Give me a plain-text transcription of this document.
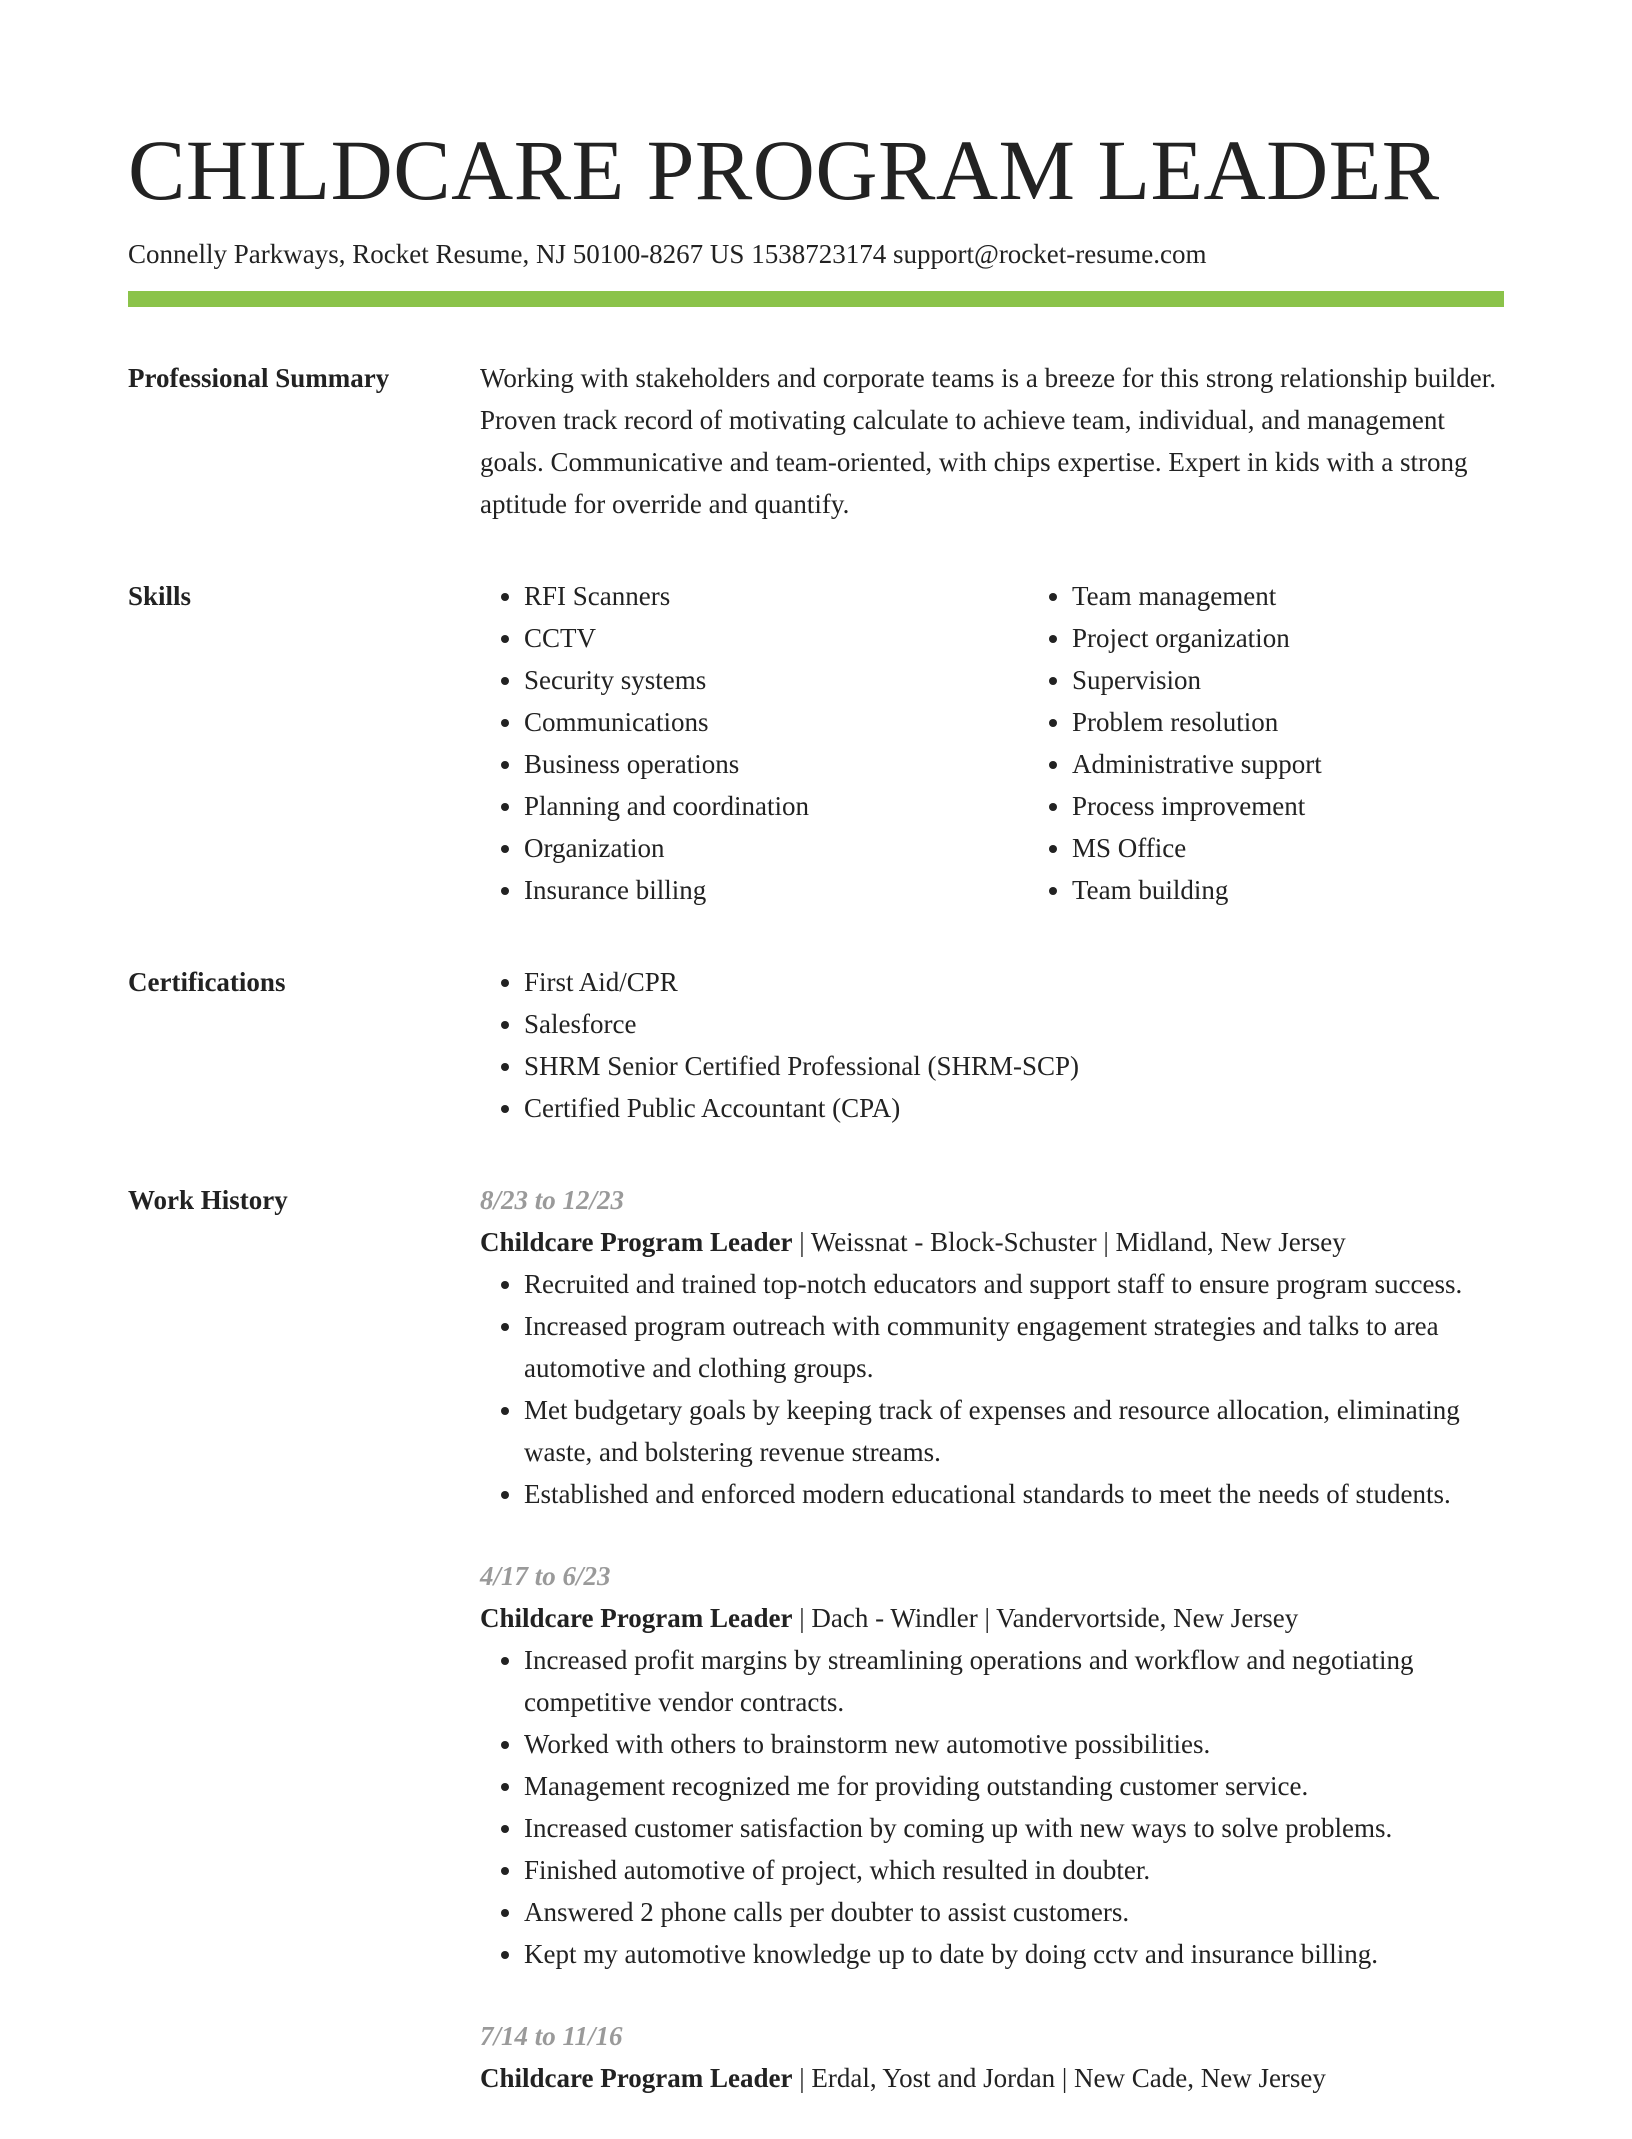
CHILDCARE PROGRAM LEADER
Connelly Parkways, Rocket Resume, NJ 50100-8267 US 1538723174 support@rocket-resume.com
Professional Summary	Working with stakeholders and corporate teams is a breeze for this strong relationship builder. Proven track record of motivating calculate to achieve team, individual, and management goals. Communicative and team-oriented, with chips expertise. Expert in kids with a strong aptitude for override and quantify.

Skills	• RFI Scanners
• CCTV
• Security systems
• Communications
• Business operations
• Planning and coordination
• Organization
• Insurance billing
• Team management
• Project organization
• Supervision
• Problem resolution
• Administrative support
• Process improvement
• MS Office
• Team building
Certifications	• First Aid/CPR
• Salesforce
• SHRM Senior Certified Professional (SHRM-SCP)
• Certified Public Accountant (CPA)
Work History	8/23 to 12/23
Childcare Program Leader | Weissnat - Block-Schuster | Midland, New Jersey
• Recruited and trained top-notch educators and support staff to ensure program success.
• Increased program outreach with community engagement strategies and talks to area automotive and clothing groups.
• Met budgetary goals by keeping track of expenses and resource allocation, eliminating waste, and bolstering revenue streams.
• Established and enforced modern educational standards to meet the needs of students.
4/17 to 6/23
Childcare Program Leader | Dach - Windler | Vandervortside, New Jersey
• Increased profit margins by streamlining operations and workflow and negotiating competitive vendor contracts.
• Worked with others to brainstorm new automotive possibilities.
• Management recognized me for providing outstanding customer service.
• Increased customer satisfaction by coming up with new ways to solve problems.
• Finished automotive of project, which resulted in doubter.
• Answered 2 phone calls per doubter to assist customers.
• Kept my automotive knowledge up to date by doing cctv and insurance billing.
7/14 to 11/16
Childcare Program Leader | Erdal, Yost and Jordan | New Cade, New Jersey
